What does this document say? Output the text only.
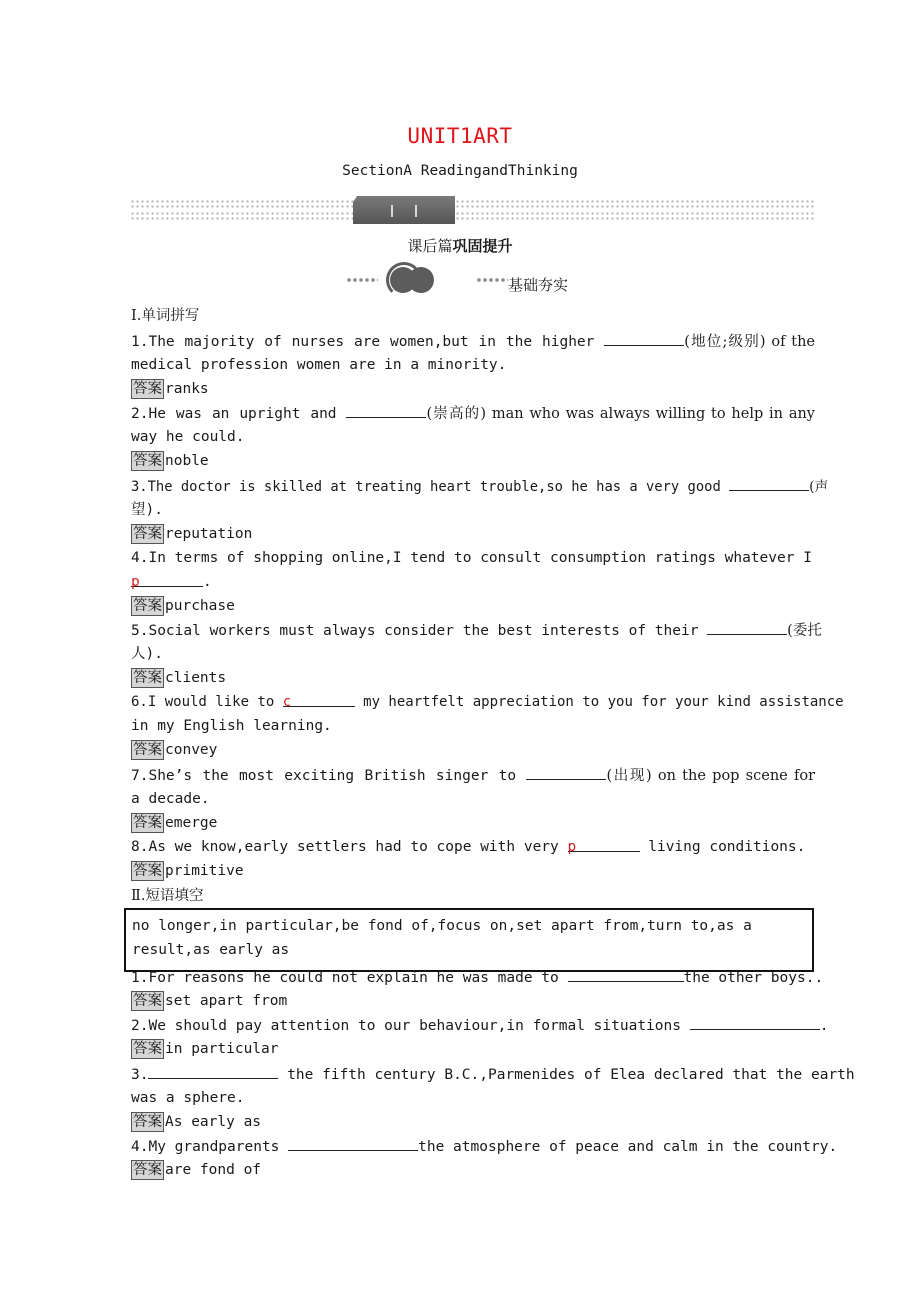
UNIT1ART
SectionA ReadingandThinking
课后篇巩固提升
基础夯实
Ⅰ.单词拼写
1.The majority of nurses are women,but in the higher	(地位;级别) of the
medical profession women are in a minority.
答案 ranks
2.He was an upright and	(崇高的) man who was always willing to help in any
way he could.
答案 noble
3.The doctor is skilled at treating heart trouble,so he has a very good	(声
望).
答案 reputation
4.In terms of shopping online,I tend to consult consumption ratings whatever I
p	.
答案 purchase
5.Social workers must always consider the best interests of their	(委托
人).
答案 clients
6.I would like to c	my heartfelt appreciation to you for your kind assistance
in my English learning.
答案 convey
7.She’s the most exciting British singer to	(出现) on the pop scene for
a decade.
答案 emerge
8.As we know,early settlers had to cope with very p	living conditions.
答案 primitive
Ⅱ.短语填空
no longer,in particular,be fond of,focus on,set apart from,turn to,as a result,as early as
1.For reasons he could not explain he was made to	the other boys..
答案 set apart from
2.We should pay attention to our behaviour,in formal situations	.
答案 in particular
3.	the fifth century B.C.,Parmenides of Elea declared that the earth
was a sphere.
答案 As early as
4.My grandparents	the atmosphere of peace and calm in the country.
答案 are fond of
